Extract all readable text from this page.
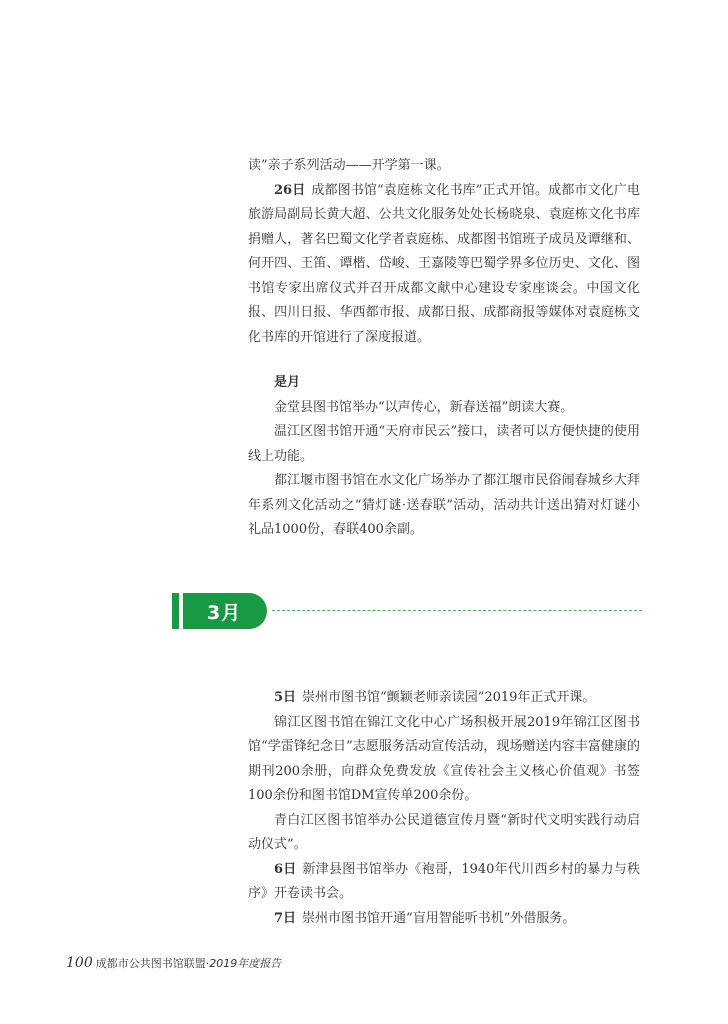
读”亲子系列活动——开学第一课。

26日 成都图书馆“袁庭栋文化书库”正式开馆。成都市文化广电旅游局副局长黄大超、公共文化服务处处长杨晓泉、袁庭栋文化书库捐赠人，著名巴蜀文化学者袁庭栋、成都图书馆班子成员及谭继和、何开四、王笛、谭楷、岱峻、王嘉陵等巴蜀学界多位历史、文化、图书馆专家出席仪式并召开成都文献中心建设专家座谈会。中国文化报、四川日报、华西都市报、成都日报、成都商报等媒体对袁庭栋文化书库的开馆进行了深度报道。

是月

金堂县图书馆举办“以声传心，新春送福”朗读大赛。

温江区图书馆开通“天府市民云”接口，读者可以方便快捷的使用线上功能。

都江堰市图书馆在水文化广场举办了都江堰市民俗闹春城乡大拜年系列文化活动之“猜灯谜·送春联”活动，活动共计送出猜对灯谜小礼品1000份，春联400余副。

3月

5日 崇州市图书馆“颤颖老师亲读园”2019年正式开课。

锦江区图书馆在锦江文化中心广场积极开展2019年锦江区图书馆“学雷锋纪念日”志愿服务活动宣传活动，现场赠送内容丰富健康的期刊200余册，向群众免费发放《宣传社会主义核心价值观》书签100余份和图书馆DM宣传单200余份。

青白江区图书馆举办公民道德宣传月暨“新时代文明实践行动启动仪式”。

6日 新津县图书馆举办《袍哥，1940年代川西乡村的暴力与秩序》开卷读书会。

7日 崇州市图书馆开通“盲用智能听书机”外借服务。

100 成都市公共图书馆联盟·2019年度报告
